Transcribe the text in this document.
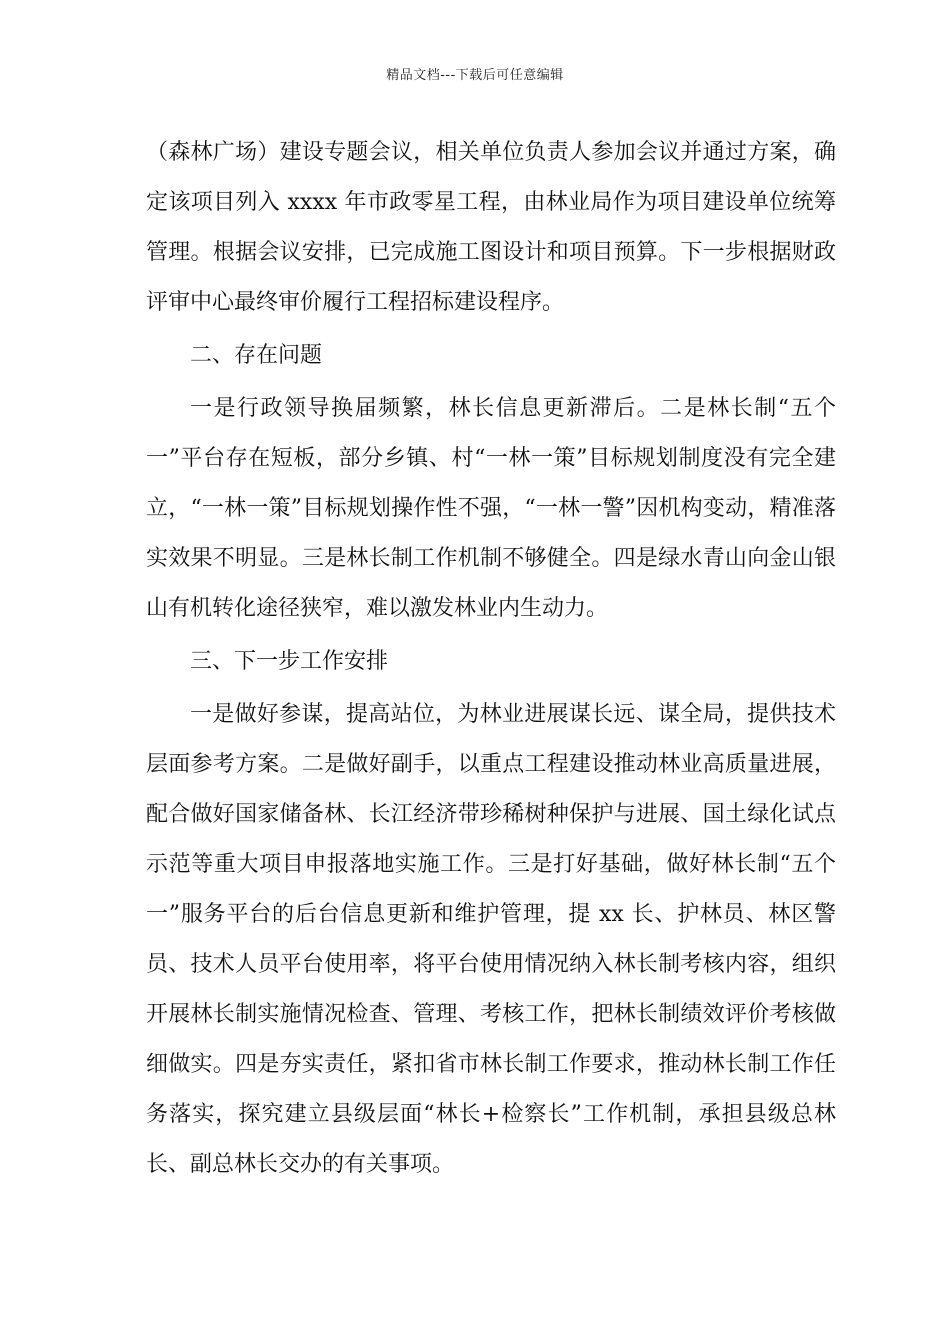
精品文档---下载后可任意编辑

（森林广场）建设专题会议，相关单位负责人参加会议并通过方案，确定该项目列入 xxxx 年市政零星工程，由林业局作为项目建设单位统筹管理。根据会议安排，已完成施工图设计和项目预算。下一步根据财政评审中心最终审价履行工程招标建设程序。

二、存在问题

一是行政领导换届频繁，林长信息更新滞后。二是林长制“五个一”平台存在短板，部分乡镇、村“一林一策”目标规划制度没有完全建立，“一林一策”目标规划操作性不强，“一林一警”因机构变动，精准落实效果不明显。三是林长制工作机制不够健全。四是绿水青山向金山银山有机转化途径狭窄，难以激发林业内生动力。

三、下一步工作安排

一是做好参谋，提高站位，为林业进展谋长远、谋全局，提供技术层面参考方案。二是做好副手，以重点工程建设推动林业高质量进展，配合做好国家储备林、长江经济带珍稀树种保护与进展、国土绿化试点示范等重大项目申报落地实施工作。三是打好基础，做好林长制“五个一”服务平台的后台信息更新和维护管理，提 xx 长、护林员、林区警员、技术人员平台使用率，将平台使用情况纳入林长制考核内容，组织开展林长制实施情况检查、管理、考核工作，把林长制绩效评价考核做细做实。四是夯实责任，紧扣省市林长制工作要求，推动林长制工作任务落实，探究建立县级层面“林长+检察长”工作机制，承担县级总林长、副总林长交办的有关事项。
